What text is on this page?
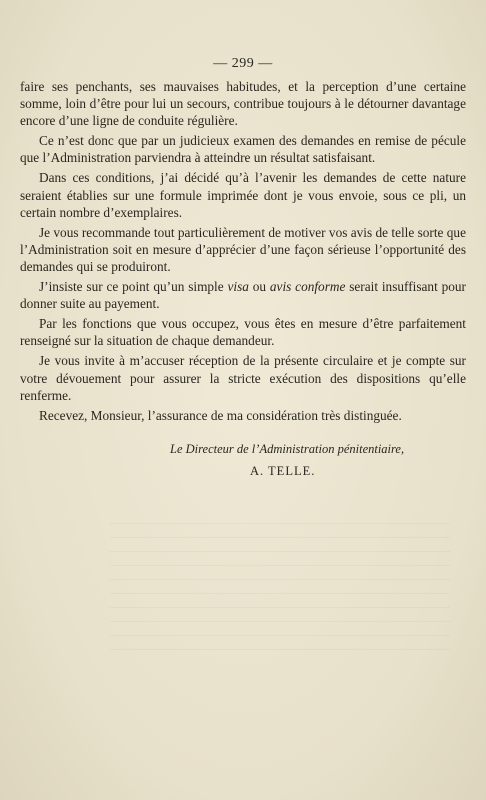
— 299 —

faire ses penchants, ses mauvaises habitudes, et la perception d’une certaine somme, loin d’être pour lui un secours, contribue toujours à le détourner davantage encore d’une ligne de conduite régulière.

Ce n’est donc que par un judicieux examen des demandes en remise de pécule que l’Administration parviendra à atteindre un résultat satisfaisant.

Dans ces conditions, j’ai décidé qu’à l’avenir les demandes de cette nature seraient établies sur une formule imprimée dont je vous envoie, sous ce pli, un certain nombre d’exemplaires.

Je vous recommande tout particulièrement de motiver vos avis de telle sorte que l’Administration soit en mesure d’apprécier d’une façon sérieuse l’opportunité des demandes qui se produiront.

J’insiste sur ce point qu’un simple visa ou avis conforme serait insuffisant pour donner suite au payement.

Par les fonctions que vous occupez, vous êtes en mesure d’être parfaitement renseigné sur la situation de chaque demandeur.

Je vous invite à m’accuser réception de la présente circulaire et je compte sur votre dévouement pour assurer la stricte exécution des dispositions qu’elle renferme.

Recevez, Monsieur, l’assurance de ma considération très distinguée.

Le Directeur de l’Administration pénitentiaire,
A. TELLE.
